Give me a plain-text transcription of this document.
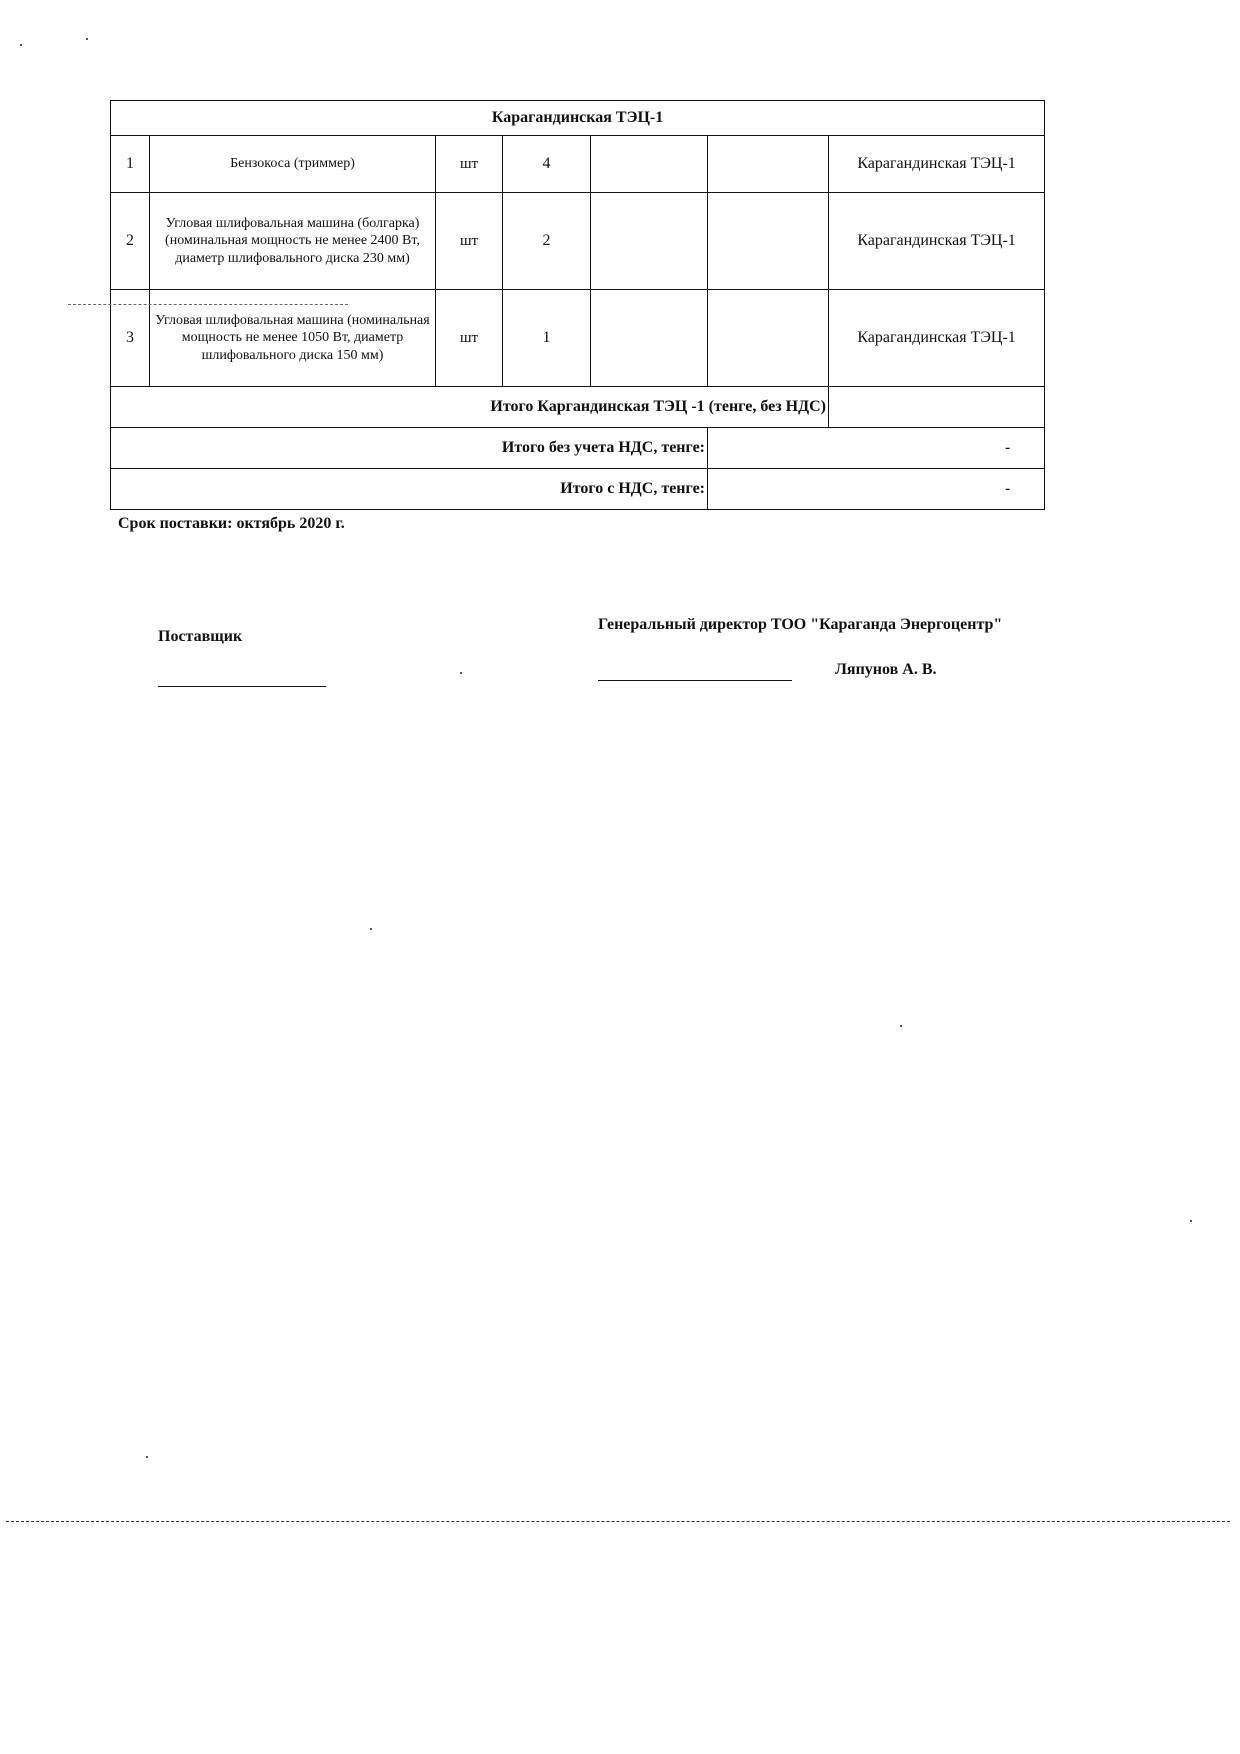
Карагандинская ТЭЦ-1						
1	Бензокоса (триммер)	шт	4			Карагандинская ТЭЦ-1
2	Угловая шлифовальная машина (болгарка) (номинальная мощность не менее 2400 Вт, диаметр шлифовального диска 230 мм)	шт	2			Карагандинская ТЭЦ-1
3	Угловая шлифовальная машина (номинальная мощность не менее 1050 Вт, диаметр шлифовального диска 150 мм)	шт	1			Карагандинская ТЭЦ-1
Итого Каргандинская ТЭЦ -1 (тенге, без НДС)						
Итого без учета НДС, тенге:					-	
Итого с НДС, тенге:					-	
Срок поставки: октябрь 2020 г.
Поставщик
Генеральный директор ТОО "Караганда Энергоцентр"
Ляпунов А. В.
